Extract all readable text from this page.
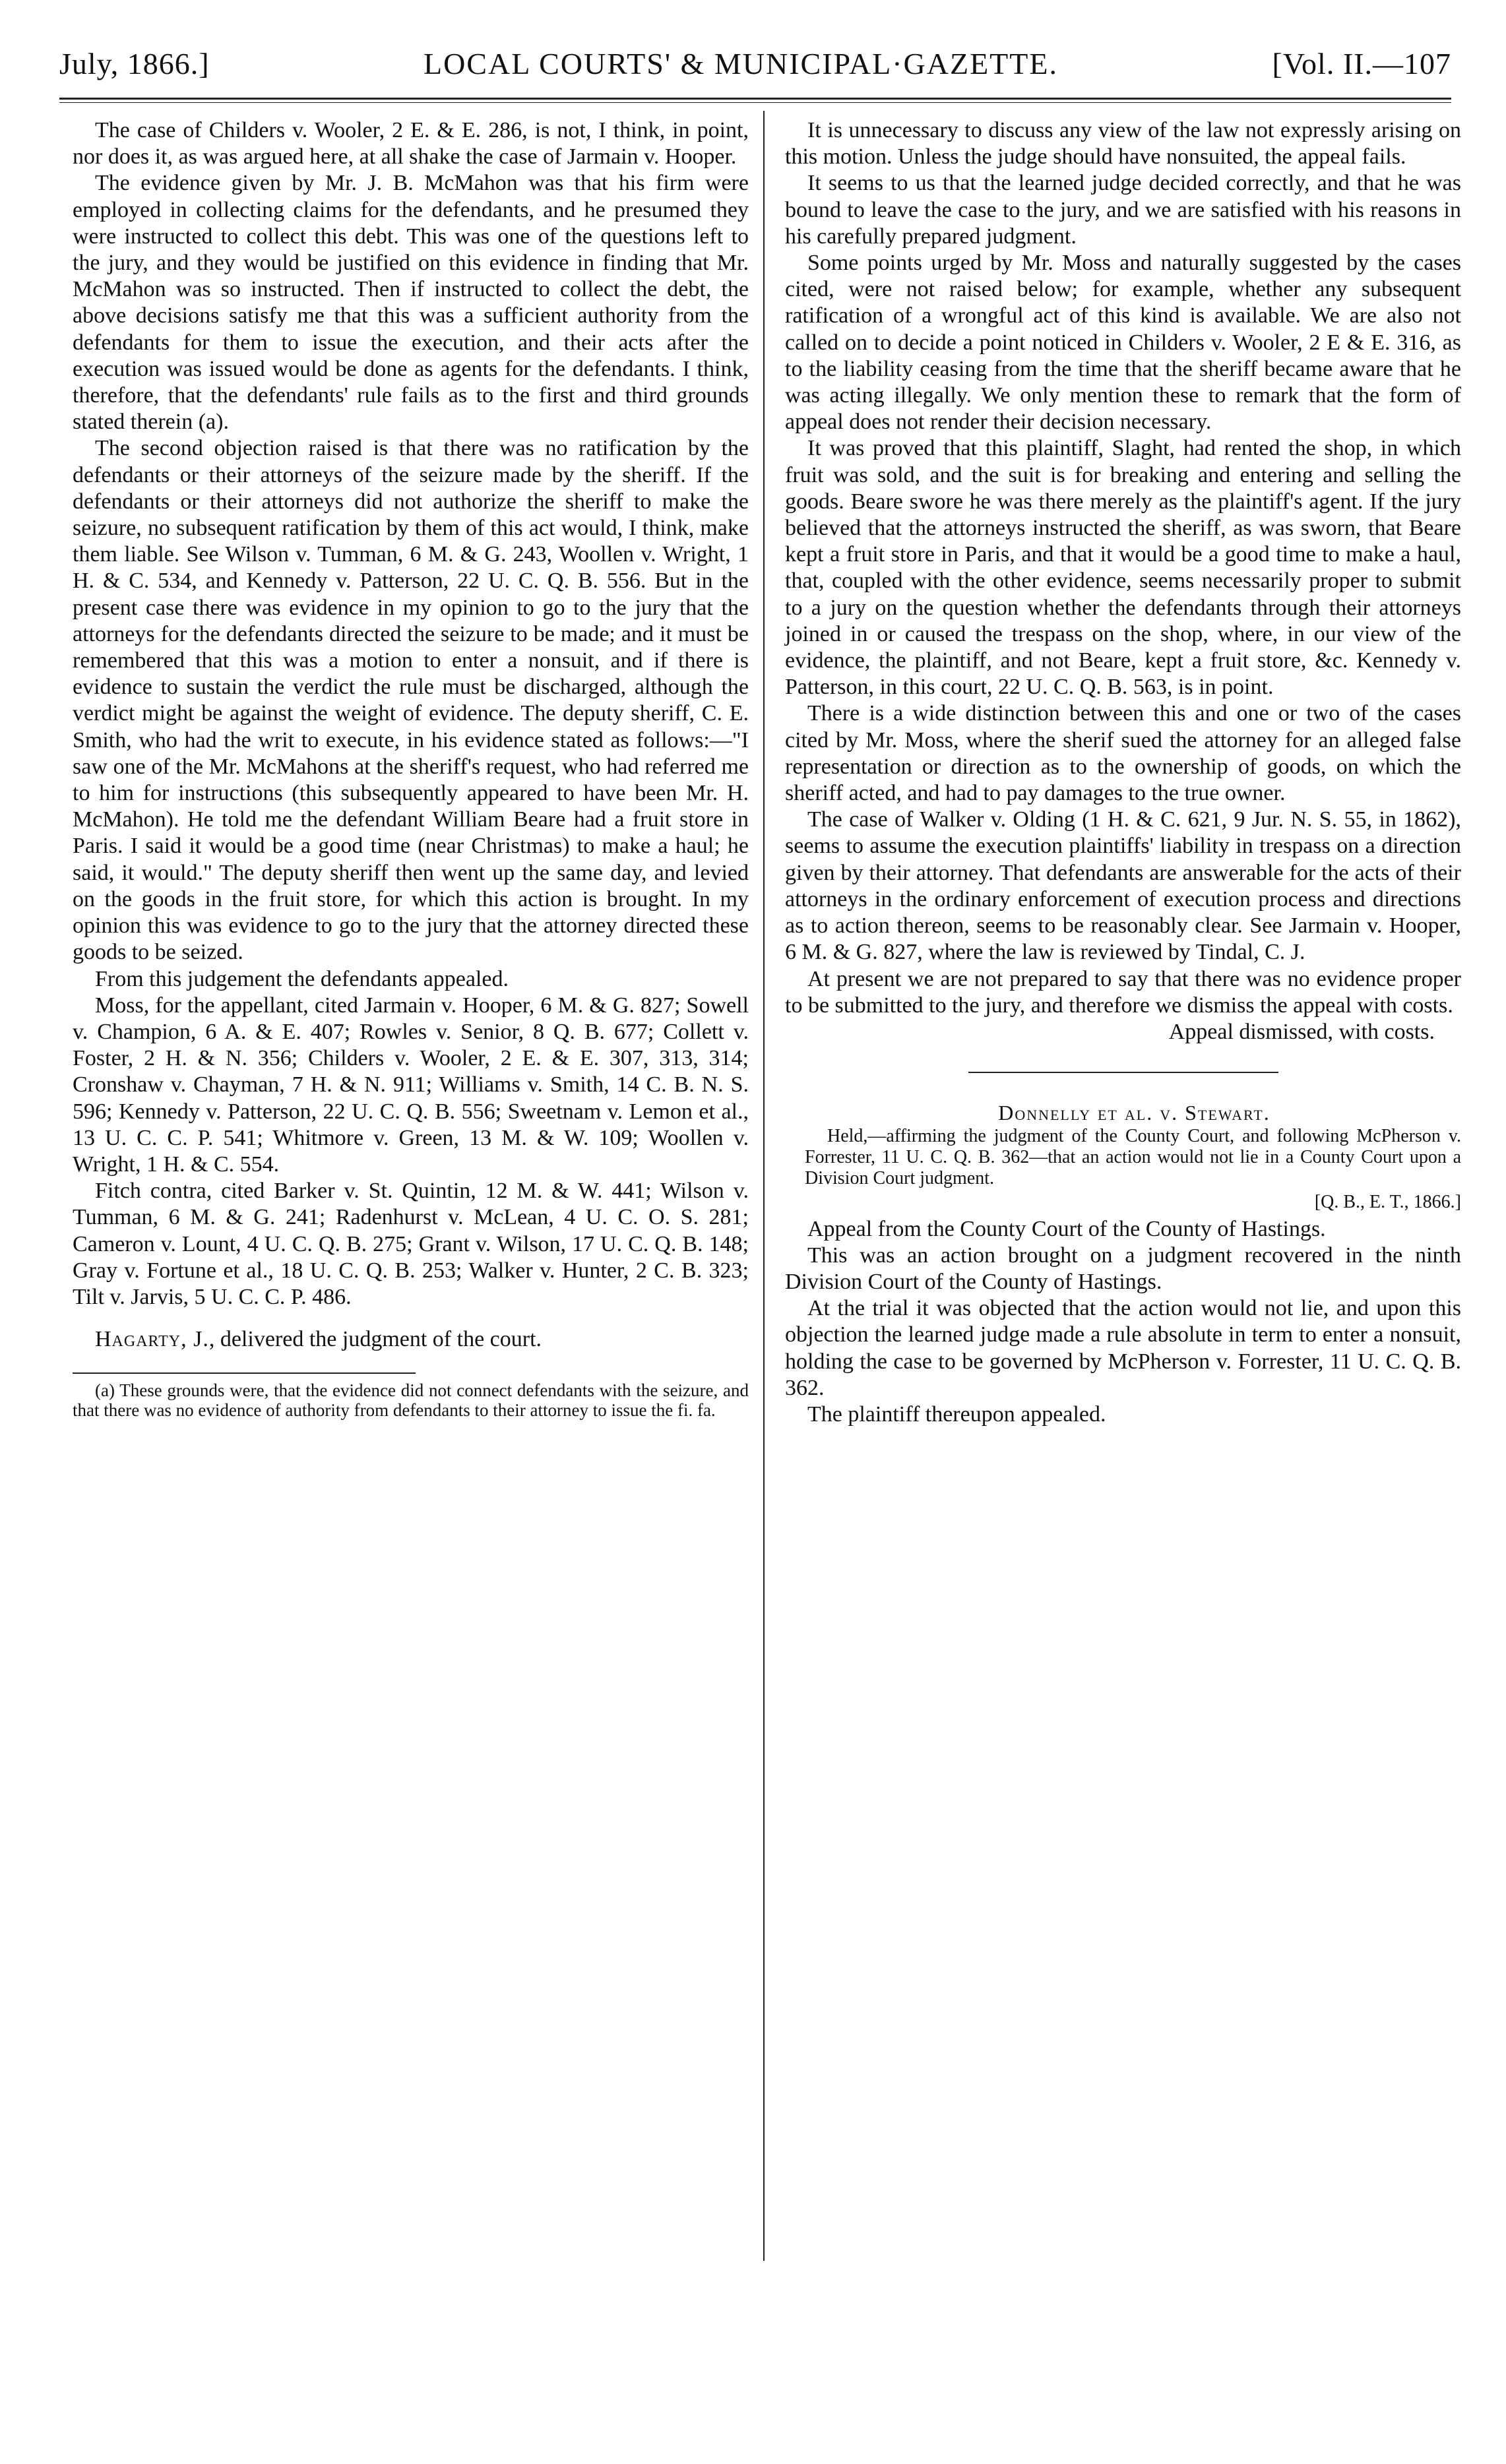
July, 1866.]	LOCAL COURTS' & MUNICIPAL·GAZETTE.	[Vol. II.—107

The case of Childers v. Wooler, 2 E. & E. 286, is not, I think, in point, nor does it, as was argued here, at all shake the case of Jarmain v. Hooper.

The evidence given by Mr. J. B. McMahon was that his firm were employed in collecting claims for the defendants, and he presumed they were instructed to collect this debt. This was one of the questions left to the jury, and they would be justified on this evidence in finding that Mr. McMahon was so instructed. Then if instructed to collect the debt, the above decisions satisfy me that this was a sufficient authority from the defendants for them to issue the execution, and their acts after the execution was issued would be done as agents for the defendants. I think, therefore, that the defendants' rule fails as to the first and third grounds stated therein (a).

The second objection raised is that there was no ratification by the defendants or their attorneys of the seizure made by the sheriff. If the defendants or their attorneys did not authorize the sheriff to make the seizure, no subsequent ratification by them of this act would, I think, make them liable. See Wilson v. Tumman, 6 M. & G. 243, Woollen v. Wright, 1 H. & C. 534, and Kennedy v. Patterson, 22 U. C. Q. B. 556. But in the present case there was evidence in my opinion to go to the jury that the attorneys for the defendants directed the seizure to be made; and it must be remembered that this was a motion to enter a nonsuit, and if there is evidence to sustain the verdict the rule must be discharged, although the verdict might be against the weight of evidence. The deputy sheriff, C. E. Smith, who had the writ to execute, in his evidence stated as follows:—"I saw one of the Mr. McMahons at the sheriff's request, who had referred me to him for instructions (this subsequently appeared to have been Mr. H. McMahon). He told me the defendant William Beare had a fruit store in Paris. I said it would be a good time (near Christmas) to make a haul; he said, it would." The deputy sheriff then went up the same day, and levied on the goods in the fruit store, for which this action is brought. In my opinion this was evidence to go to the jury that the attorney directed these goods to be seized.

From this judgement the defendants appealed.

Moss, for the appellant, cited Jarmain v. Hooper, 6 M. & G. 827; Sowell v. Champion, 6 A. & E. 407; Rowles v. Senior, 8 Q. B. 677; Collett v. Foster, 2 H. & N. 356; Childers v. Wooler, 2 E. & E. 307, 313, 314; Cronshaw v. Chayman, 7 H. & N. 911; Williams v. Smith, 14 C. B. N. S. 596; Kennedy v. Patterson, 22 U. C. Q. B. 556; Sweetnam v. Lemon et al., 13 U. C. C. P. 541; Whitmore v. Green, 13 M. & W. 109; Woollen v. Wright, 1 H. & C. 554.

Fitch contra, cited Barker v. St. Quintin, 12 M. & W. 441; Wilson v. Tumman, 6 M. & G. 241; Radenhurst v. McLean, 4 U. C. O. S. 281; Cameron v. Lount, 4 U. C. Q. B. 275; Grant v. Wilson, 17 U. C. Q. B. 148; Gray v. Fortune et al., 18 U. C. Q. B. 253; Walker v. Hunter, 2 C. B. 323; Tilt v. Jarvis, 5 U. C. C. P. 486.

Hagarty, J., delivered the judgment of the court.

(a) These grounds were, that the evidence did not connect defendants with the seizure, and that there was no evidence of authority from defendants to their attorney to issue the fi. fa.

It is unnecessary to discuss any view of the law not expressly arising on this motion. Unless the judge should have nonsuited, the appeal fails.

It seems to us that the learned judge decided correctly, and that he was bound to leave the case to the jury, and we are satisfied with his reasons in his carefully prepared judgment.

Some points urged by Mr. Moss and naturally suggested by the cases cited, were not raised below; for example, whether any subsequent ratification of a wrongful act of this kind is available. We are also not called on to decide a point noticed in Childers v. Wooler, 2 E & E. 316, as to the liability ceasing from the time that the sheriff became aware that he was acting illegally. We only mention these to remark that the form of appeal does not render their decision necessary.

It was proved that this plaintiff, Slaght, had rented the shop, in which fruit was sold, and the suit is for breaking and entering and selling the goods. Beare swore he was there merely as the plaintiff's agent. If the jury believed that the attorneys instructed the sheriff, as was sworn, that Beare kept a fruit store in Paris, and that it would be a good time to make a haul, that, coupled with the other evidence, seems necessarily proper to submit to a jury on the question whether the defendants through their attorneys joined in or caused the trespass on the shop, where, in our view of the evidence, the plaintiff, and not Beare, kept a fruit store, &c. Kennedy v. Patterson, in this court, 22 U. C. Q. B. 563, is in point.

There is a wide distinction between this and one or two of the cases cited by Mr. Moss, where the sherif sued the attorney for an alleged false representation or direction as to the ownership of goods, on which the sheriff acted, and had to pay damages to the true owner.

The case of Walker v. Olding (1 H. & C. 621, 9 Jur. N. S. 55, in 1862), seems to assume the execution plaintiffs' liability in trespass on a direction given by their attorney. That defendants are answerable for the acts of their attorneys in the ordinary enforcement of execution process and directions as to action thereon, seems to be reasonably clear. See Jarmain v. Hooper, 6 M. & G. 827, where the law is reviewed by Tindal, C. J.

At present we are not prepared to say that there was no evidence proper to be submitted to the jury, and therefore we dismiss the appeal with costs.

Appeal dismissed, with costs.

Donnelly et al. v. Stewart.

Held,—affirming the judgment of the County Court, and following McPherson v. Forrester, 11 U. C. Q. B. 362—that an action would not lie in a County Court upon a Division Court judgment.

[Q. B., E. T., 1866.]

Appeal from the County Court of the County of Hastings.

This was an action brought on a judgment recovered in the ninth Division Court of the County of Hastings.

At the trial it was objected that the action would not lie, and upon this objection the learned judge made a rule absolute in term to enter a nonsuit, holding the case to be governed by McPherson v. Forrester, 11 U. C. Q. B. 362.

The plaintiff thereupon appealed.
